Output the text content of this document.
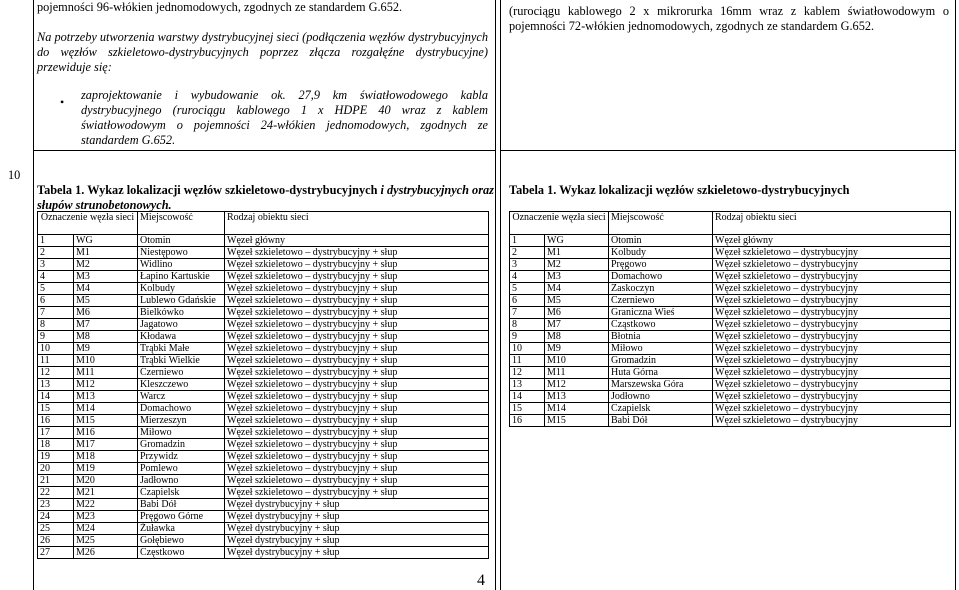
pojemności 96-włókien jednomodowych, zgodnych ze standardem G.652.
Na potrzeby utworzenia warstwy dystrybucyjnej sieci (podłączenia węzłów dystrybucyjnych do węzłów szkieletowo-dystrybucyjnych poprzez złącza rozgałęźne dystrybucyjne) przewiduje się:
• zaprojektowanie i wybudowanie ok. 27,9 km światłowodowego kabla dystrybucyjnego (rurociągu kablowego 1 x HDPE 40 wraz z kablem światłowodowym o pojemności 24-włókien jednomodowych, zgodnych ze standardem G.652.
10
(rurociągu kablowego 2 x mikrorurka 16mm wraz z kablem światłowodowym o pojemności 72-włókien jednomodowych, zgodnych ze standardem G.652.
Tabela 1. Wykaz lokalizacji węzłów szkieletowo-dystrybucyjnych i dystrybucyjnych oraz słupów strunobetonowych.
Tabela 1. Wykaz lokalizacji węzłów szkieletowo-dystrybucyjnych
Oznaczenie węzła sieci		Miejscowość	Rodzaj obiektu sieci
1	WG	Otomin	Węzeł główny
2	M1	Niestępowo	Węzeł szkieletowo – dystrybucyjny + słup
3	M2	Widlino	Węzeł szkieletowo – dystrybucyjny + słup
4	M3	Łapino Kartuskie	Węzeł szkieletowo – dystrybucyjny + słup
5	M4	Kolbudy	Węzeł szkieletowo – dystrybucyjny + słup
6	M5	Lublewo Gdańskie	Węzeł szkieletowo – dystrybucyjny + słup
7	M6	Bielkówko	Węzeł szkieletowo – dystrybucyjny + słup
8	M7	Jagatowo	Węzeł szkieletowo – dystrybucyjny + słup
9	M8	Kłodawa	Węzeł szkieletowo – dystrybucyjny + słup
10	M9	Trąbki Małe	Węzeł szkieletowo – dystrybucyjny + słup
11	M10	Trąbki Wielkie	Węzeł szkieletowo – dystrybucyjny + słup
12	M11	Czerniewo	Węzeł szkieletowo – dystrybucyjny + słup
13	M12	Kleszczewo	Węzeł szkieletowo – dystrybucyjny + słup
14	M13	Warcz	Węzeł szkieletowo – dystrybucyjny + słup
15	M14	Domachowo	Węzeł szkieletowo – dystrybucyjny + słup
16	M15	Mierzeszyn	Węzeł szkieletowo – dystrybucyjny + słup
17	M16	Miłowo	Węzeł szkieletowo – dystrybucyjny + słup
18	M17	Gromadzin	Węzeł szkieletowo – dystrybucyjny + słup
19	M18	Przywidz	Węzeł szkieletowo – dystrybucyjny + słup
20	M19	Pomlewo	Węzeł szkieletowo – dystrybucyjny + słup
21	M20	Jadłowno	Węzeł szkieletowo – dystrybucyjny + słup
22	M21	Czapielsk	Węzeł szkieletowo – dystrybucyjny + słup
23	M22	Babi Dół	Węzeł dystrybucyjny + słup
24	M23	Pręgowo Górne	Węzeł dystrybucyjny + słup
25	M24	Żuławka	Węzeł dystrybucyjny + słup
26	M25	Gołębiewo	Węzeł dystrybucyjny + słup
27	M26	Częstkowo	Węzeł dystrybucyjny + słup
Oznaczenie węzła sieci		Miejscowość	Rodzaj obiektu sieci
1	WG	Otomin	Węzeł główny
2	M1	Kolbudy	Węzeł szkieletowo – dystrybucyjny
3	M2	Pręgowo	Węzeł szkieletowo – dystrybucyjny
4	M3	Domachowo	Węzeł szkieletowo – dystrybucyjny
5	M4	Zaskoczyn	Węzeł szkieletowo – dystrybucyjny
6	M5	Czerniewo	Węzeł szkieletowo – dystrybucyjny
7	M6	Graniczna Wieś	Węzeł szkieletowo – dystrybucyjny
8	M7	Cząstkowo	Węzeł szkieletowo – dystrybucyjny
9	M8	Błotnia	Węzeł szkieletowo – dystrybucyjny
10	M9	Miłowo	Węzeł szkieletowo – dystrybucyjny
11	M10	Gromadzin	Węzeł szkieletowo – dystrybucyjny
12	M11	Huta Górna	Węzeł szkieletowo – dystrybucyjny
13	M12	Marszewska Góra	Węzeł szkieletowo – dystrybucyjny
14	M13	Jodłowno	Węzeł szkieletowo – dystrybucyjny
15	M14	Czapielsk	Węzeł szkieletowo – dystrybucyjny
16	M15	Babi Dół	Węzeł szkieletowo – dystrybucyjny
4
